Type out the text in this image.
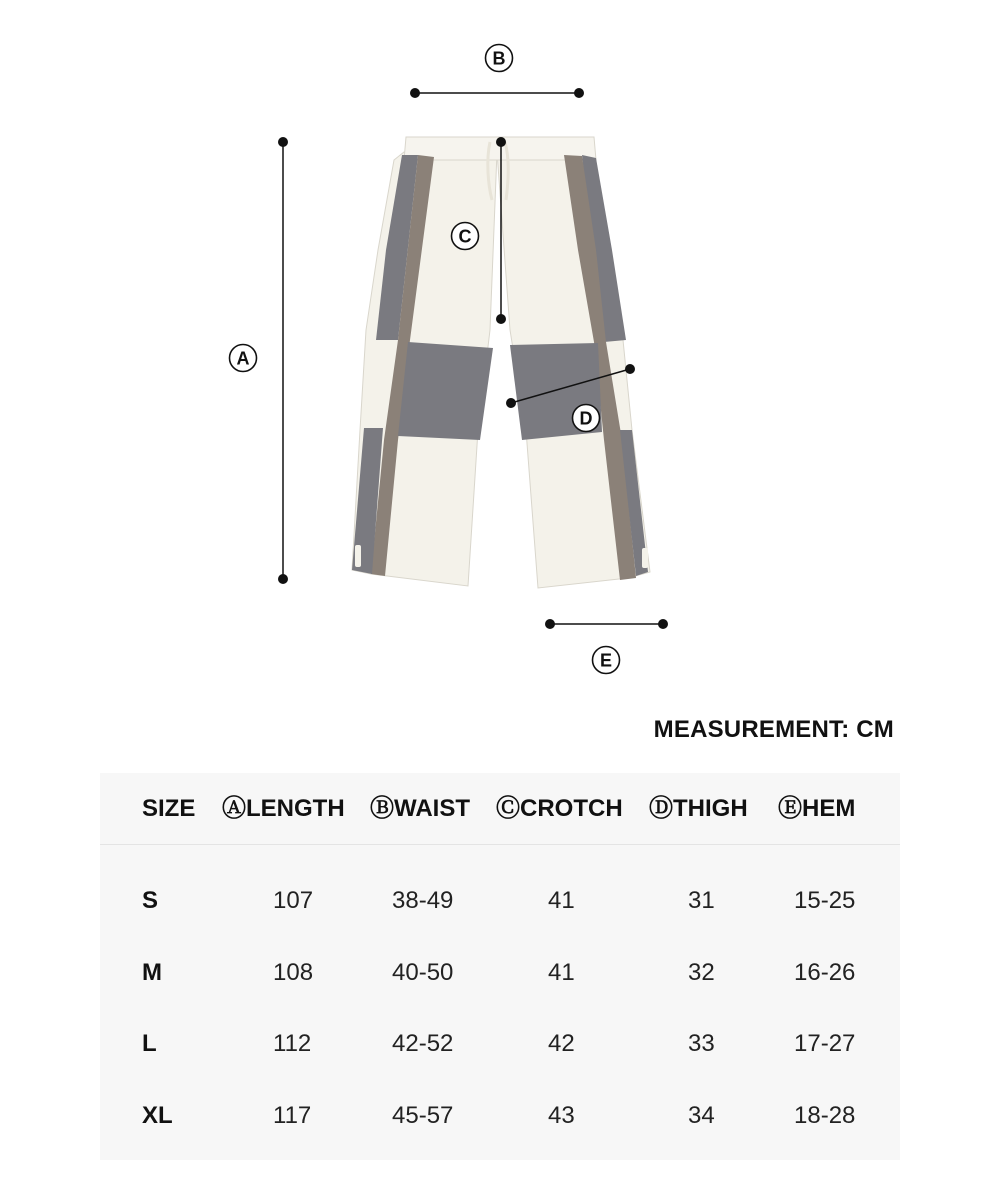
A
B
C
D
E
MEASUREMENT: CM
SIZE ⒶLENGTH ⒷWAIST ⒸCROTCH ⒹTHIGH ⒺHEM
S	107	38-49	41	31	15-25
M	108	40-50	41	32	16-26
L	112	42-52	42	33	17-27
XL	117	45-57	43	34	18-28
